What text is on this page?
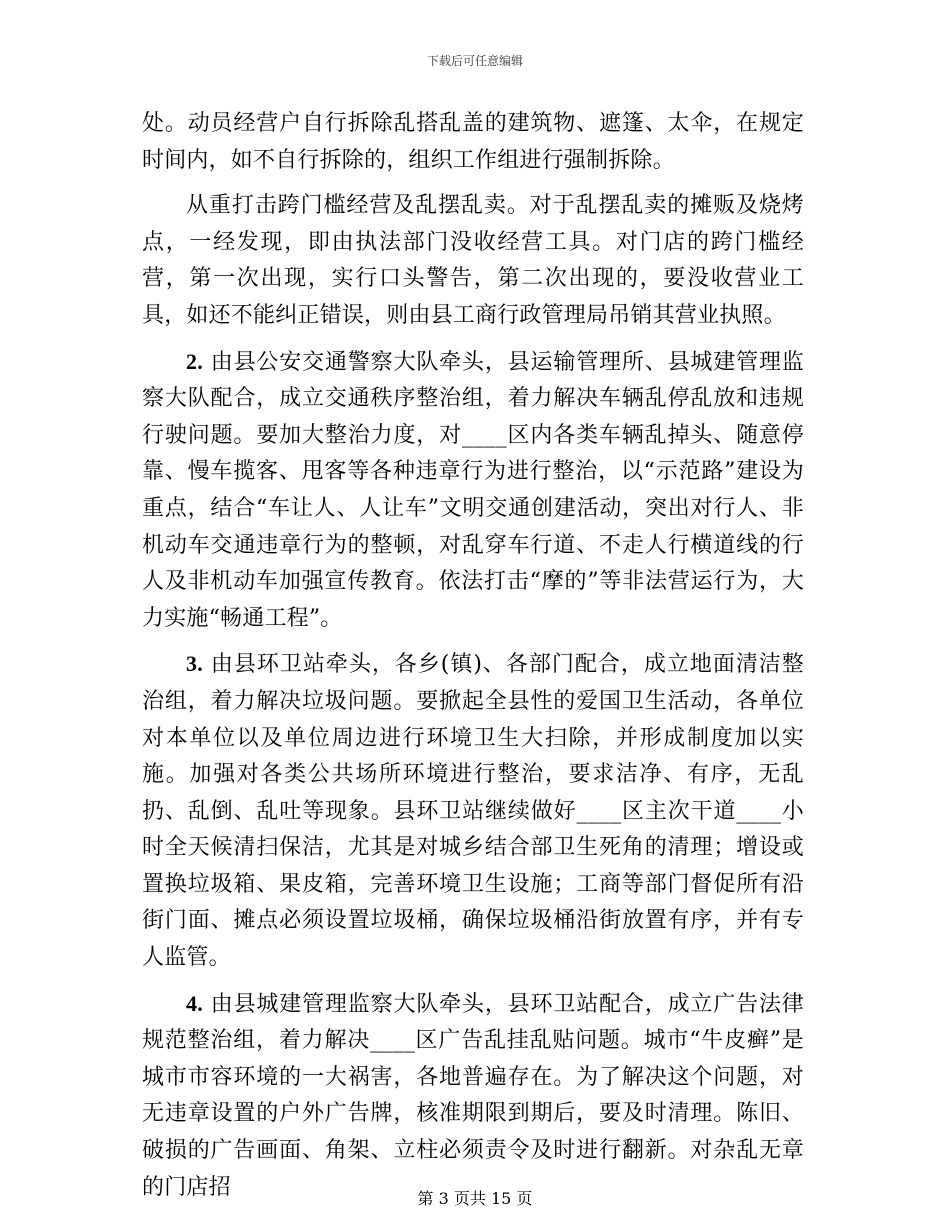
下载后可任意编辑

处。动员经营户自行拆除乱搭乱盖的建筑物、遮篷、太伞，在规定时间内，如不自行拆除的，组织工作组进行强制拆除。

从重打击跨门槛经营及乱摆乱卖。对于乱摆乱卖的摊贩及烧烤点，一经发现，即由执法部门没收经营工具。对门店的跨门槛经营，第一次出现，实行口头警告，第二次出现的，要没收营业工具，如还不能纠正错误，则由县工商行政管理局吊销其营业执照。

2. 由县公安交通警察大队牵头，县运输管理所、县城建管理监察大队配合，成立交通秩序整治组，着力解决车辆乱停乱放和违规行驶问题。要加大整治力度，对____区内各类车辆乱掉头、随意停靠、慢车揽客、甩客等各种违章行为进行整治，以“示范路”建设为重点，结合“车让人、人让车”文明交通创建活动，突出对行人、非机动车交通违章行为的整顿，对乱穿车行道、不走人行横道线的行人及非机动车加强宣传教育。依法打击“摩的”等非法营运行为，大力实施“畅通工程”。

3. 由县环卫站牵头，各乡(镇)、各部门配合，成立地面清洁整治组，着力解决垃圾问题。要掀起全县性的爱国卫生活动，各单位对本单位以及单位周边进行环境卫生大扫除，并形成制度加以实施。加强对各类公共场所环境进行整治，要求洁净、有序，无乱扔、乱倒、乱吐等现象。县环卫站继续做好____区主次干道____小时全天候清扫保洁，尤其是对城乡结合部卫生死角的清理；增设或置换垃圾箱、果皮箱，完善环境卫生设施；工商等部门督促所有沿街门面、摊点必须设置垃圾桶，确保垃圾桶沿街放置有序，并有专人监管。

4. 由县城建管理监察大队牵头，县环卫站配合，成立广告法律规范整治组，着力解决____区广告乱挂乱贴问题。城市“牛皮癣”是城市市容环境的一大祸害，各地普遍存在。为了解决这个问题，对无违章设置的户外广告牌，核准期限到期后，要及时清理。陈旧、破损的广告画面、角架、立柱必须责令及时进行翻新。对杂乱无章的门店招	第 3 页共 15 页
